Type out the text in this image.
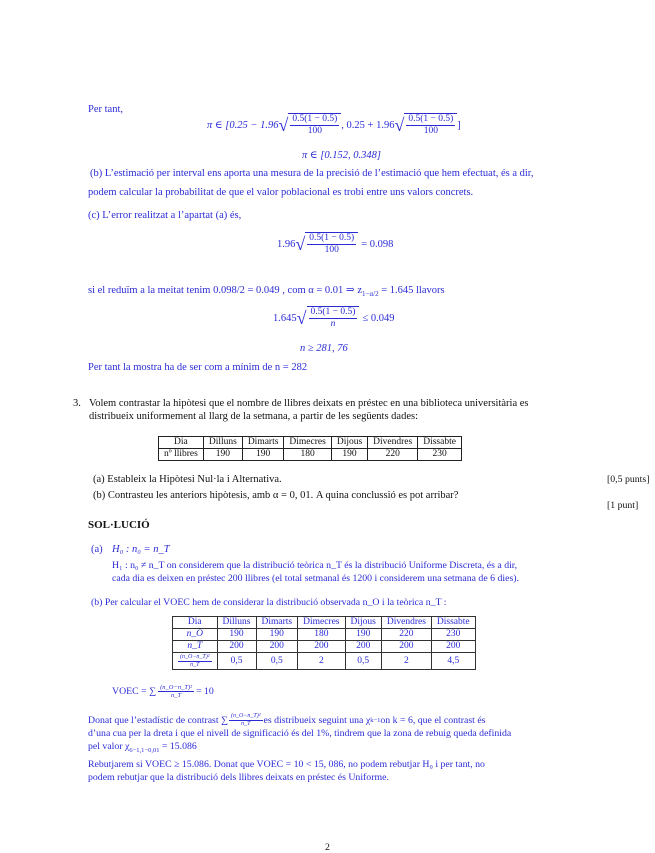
Per tant,
π ∈ [0.25 − 1.96 √ $\frac{0.5(1 - 0.5)}{100}$ , 0.25 + 1.96 √ $\frac{0.5(1 - 0.5)}{100}$ ]
π ∈ [0.152, 0.348]
(b) L’estimació per interval ens aporta una mesura de la precisió de l’estimació que hem efectuat, és a dir,
podem calcular la probabilitat de que el valor poblacional es trobi entre uns valors concrets.
(c) L’error realitzat a l’apartat (a) és,
1.96 √ $\frac{0.5(1 - 0.5)}{100} = 0.098$
si el reduïm a la meitat tenim 0.098/2 = 0.049 , com α = 0.01 ⇒ $z_{1-\alpha/2} = 1.645$ llavors
1.645 √ $\frac{0.5(1 - 0.5)}{n} \le 0.049$
n ≥ 281, 76
Per tant la mostra ha de ser com a mínim de n = 282
3. Volem contrastar la hipòtesi que el nombre de llibres deixats en préstec en una biblioteca universitària es
distribueix uniformement al llarg de la setmana, a partir de les següents dades:
Dia	Dilluns	Dimarts	Dimecres	Dijous	Divendres	Dissabte
nº llibres	190	190	180	190	220	230
(a) Estableix la Hipòtesi Nul·la i Alternativa.	[0,5 punts]
(b) Contrasteu les anteriors hipòtesis, amb α = 0, 01. A quina conclussió es pot arribar?
[1 punt]
SOL·LUCIÓ
(a) H₀ : n₀ = n_T
H₁ : n₀ ≠ n_T on considerem que la distribució teòrica n_T és la distribució Uniforme Discreta, és a dir,
cada dia es deixen en préstec 200 llibres (el total setmanal és 1200 i considerem una setmana de 6 dies).
(b) Per calcular el VOEC hem de considerar la distribució observada n_O i la teòrica n_T :
Dia	Dilluns	Dimarts	Dimecres	Dijous	Divendres	Dissabte
n_O	190	190	180	190	220	230
n_T	200	200	200	200	200	200

$\frac{\text{(n\_O−n\_T)²}}{n\_T}$	0,5	0,5	2	0,5	2	4,5
VOEC = ∑ $\frac{\text{(n\_O−n\_T)²}}{n\_T} = 10$
Donat que l’estadístic de contrast ∑ $\frac{\text{(n\_O−n\_T)²}}{n\_T}$ es distribueix seguint una χ k−1 on k = 6, que el contrast és
d’una cua per la dreta i que el nivell de significació és del 1%, tindrem que la zona de rebuig queda definida
pel valor $\chi_{6-1,1-0,01} = 15.086$
Rebutjarem si VOEC ≥ 15.086. Donat que VOEC = 10 < 15, 086, no podem rebutjar H₀ i per tant, no
podem rebutjar que la distribució dels llibres deixats en préstec és Uniforme.
2
